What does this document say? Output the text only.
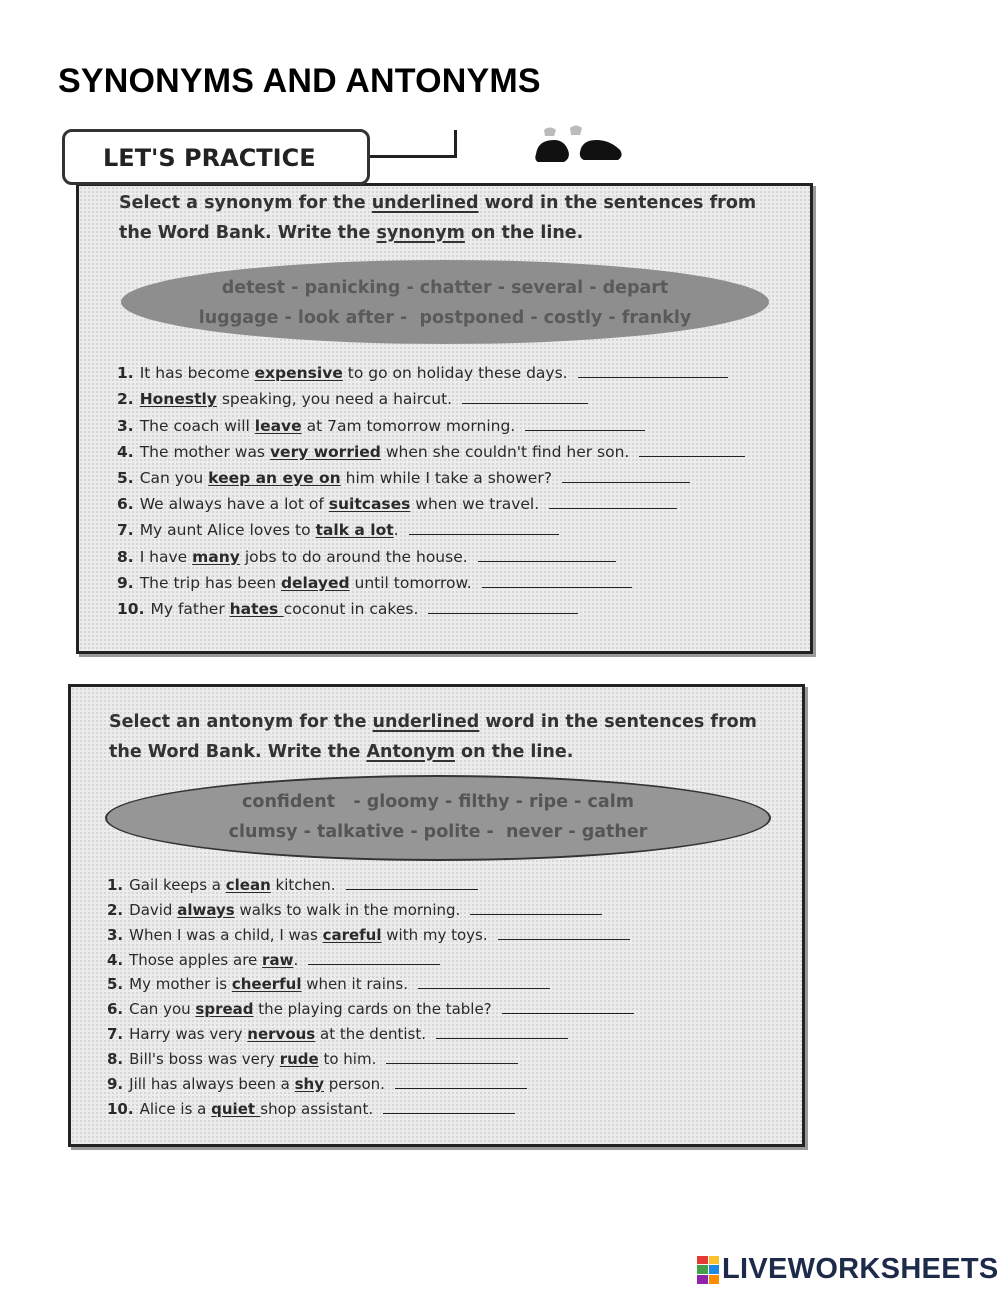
SYNONYMS AND ANTONYMS
LET'S PRACTICE
Select a synonym for the underlined word in the sentences from
the Word Bank. Write the synonym on the line.
detest - panicking - chatter - several - depart
luggage - look after -  postponed - costly - frankly
1. It has become expensive to go on holiday these days.
2. Honestly speaking, you need a haircut.
3. The coach will leave at 7am tomorrow morning.
4. The mother was very worried when she couldn't find her son.
5. Can you keep an eye on him while I take a shower?
6. We always have a lot of suitcases when we travel.
7. My aunt Alice loves to talk a lot .
8. I have many jobs to do around the house.
9. The trip has been delayed until tomorrow.
10. My father hates coconut in cakes.
Select an antonym for the underlined word in the sentences from
the Word Bank. Write the Antonym on the line.
confident   - gloomy - filthy - ripe - calm
clumsy - talkative - polite -  never - gather
1. Gail keeps a clean kitchen.
2. David always walks to walk in the morning.
3. When I was a child, I was careful with my toys.
4. Those apples are raw .
5. My mother is cheerful when it rains.
6. Can you spread the playing cards on the table?
7. Harry was very nervous at the dentist.
8. Bill's boss was very rude to him.
9. Jill has always been a shy person.
10. Alice is a quiet shop assistant.
LIVEWORKSHEETS
